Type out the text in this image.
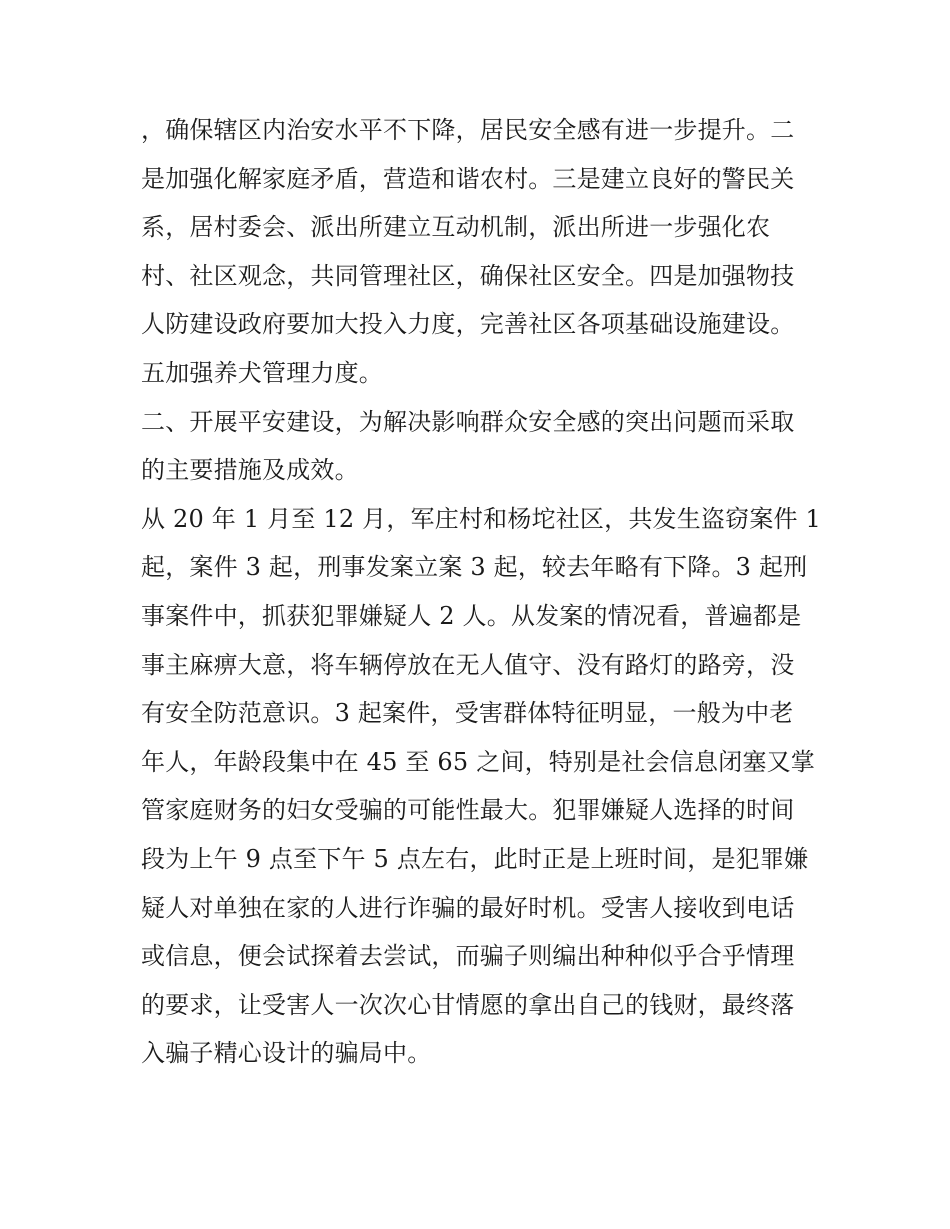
，确保辖区内治安水平不下降，居民安全感有进一步提升。二
是加强化解家庭矛盾，营造和谐农村。三是建立良好的警民关
系，居村委会、派出所建立互动机制，派出所进一步强化农
村、社区观念，共同管理社区，确保社区安全。四是加强物技
人防建设政府要加大投入力度，完善社区各项基础设施建设。
五加强养犬管理力度。
二、开展平安建设，为解决影响群众安全感的突出问题而采取
的主要措施及成效。
从 20 年 1 月至 12 月，军庄村和杨坨社区，共发生盗窃案件 1
起，案件 3 起，刑事发案立案 3 起，较去年略有下降。3 起刑
事案件中，抓获犯罪嫌疑人 2 人。从发案的情况看，普遍都是
事主麻痹大意，将车辆停放在无人值守、没有路灯的路旁，没
有安全防范意识。3 起案件，受害群体特征明显，一般为中老
年人，年龄段集中在 45 至 65 之间，特别是社会信息闭塞又掌
管家庭财务的妇女受骗的可能性最大。犯罪嫌疑人选择的时间
段为上午 9 点至下午 5 点左右，此时正是上班时间，是犯罪嫌
疑人对单独在家的人进行诈骗的最好时机。受害人接收到电话
或信息，便会试探着去尝试，而骗子则编出种种似乎合乎情理
的要求，让受害人一次次心甘情愿的拿出自己的钱财，最终落
入骗子精心设计的骗局中。
